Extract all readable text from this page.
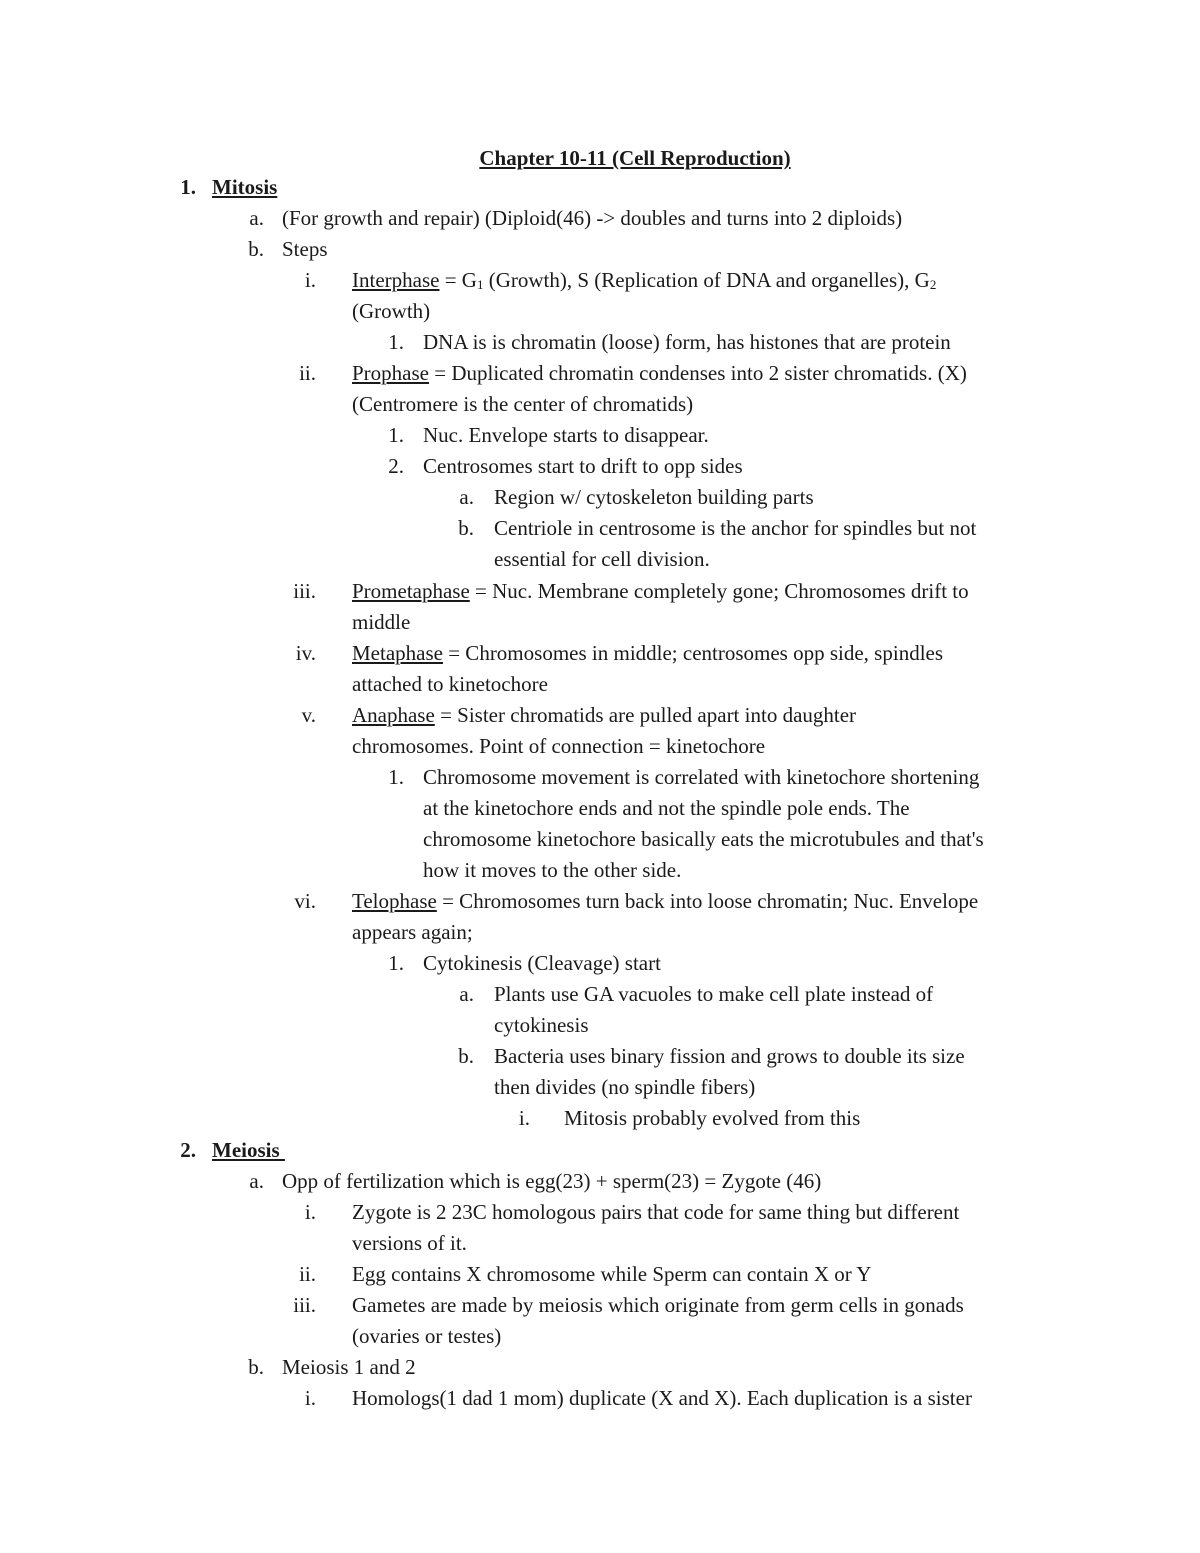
Chapter 10-11 (Cell Reproduction)
1. Mitosis
a. (For growth and repair) (Diploid(46) -> doubles and turns into 2 diploids)
b. Steps
i. Interphase = $G_1$ (Growth), S (Replication of DNA and organelles), $G_2$
(Growth)
1. DNA is is chromatin (loose) form, has histones that are protein
ii. Prophase = Duplicated chromatin condenses into 2 sister chromatids. (X)
(Centromere is the center of chromatids)
1. Nuc. Envelope starts to disappear.
2. Centrosomes start to drift to opp sides
a. Region w/ cytoskeleton building parts
b. Centriole in centrosome is the anchor for spindles but not
essential for cell division.
iii. Prometaphase = Nuc. Membrane completely gone; Chromosomes drift to
middle
iv. Metaphase = Chromosomes in middle; centrosomes opp side, spindles
attached to kinetochore
v. Anaphase = Sister chromatids are pulled apart into daughter
chromosomes. Point of connection = kinetochore
1. Chromosome movement is correlated with kinetochore shortening
at the kinetochore ends and not the spindle pole ends. The
chromosome kinetochore basically eats the microtubules and that's
how it moves to the other side.
vi. Telophase = Chromosomes turn back into loose chromatin; Nuc. Envelope
appears again;
1. Cytokinesis (Cleavage) start
a. Plants use GA vacuoles to make cell plate instead of
cytokinesis
b. Bacteria uses binary fission and grows to double its size
then divides (no spindle fibers)
i. Mitosis probably evolved from this
2. Meiosis
a. Opp of fertilization which is egg(23) + sperm(23) = Zygote (46)
i. Zygote is 2 23C homologous pairs that code for same thing but different
versions of it.
ii. Egg contains X chromosome while Sperm can contain X or Y
iii. Gametes are made by meiosis which originate from germ cells in gonads
(ovaries or testes)
b. Meiosis 1 and 2
i. Homologs(1 dad 1 mom) duplicate (X and X). Each duplication is a sister
